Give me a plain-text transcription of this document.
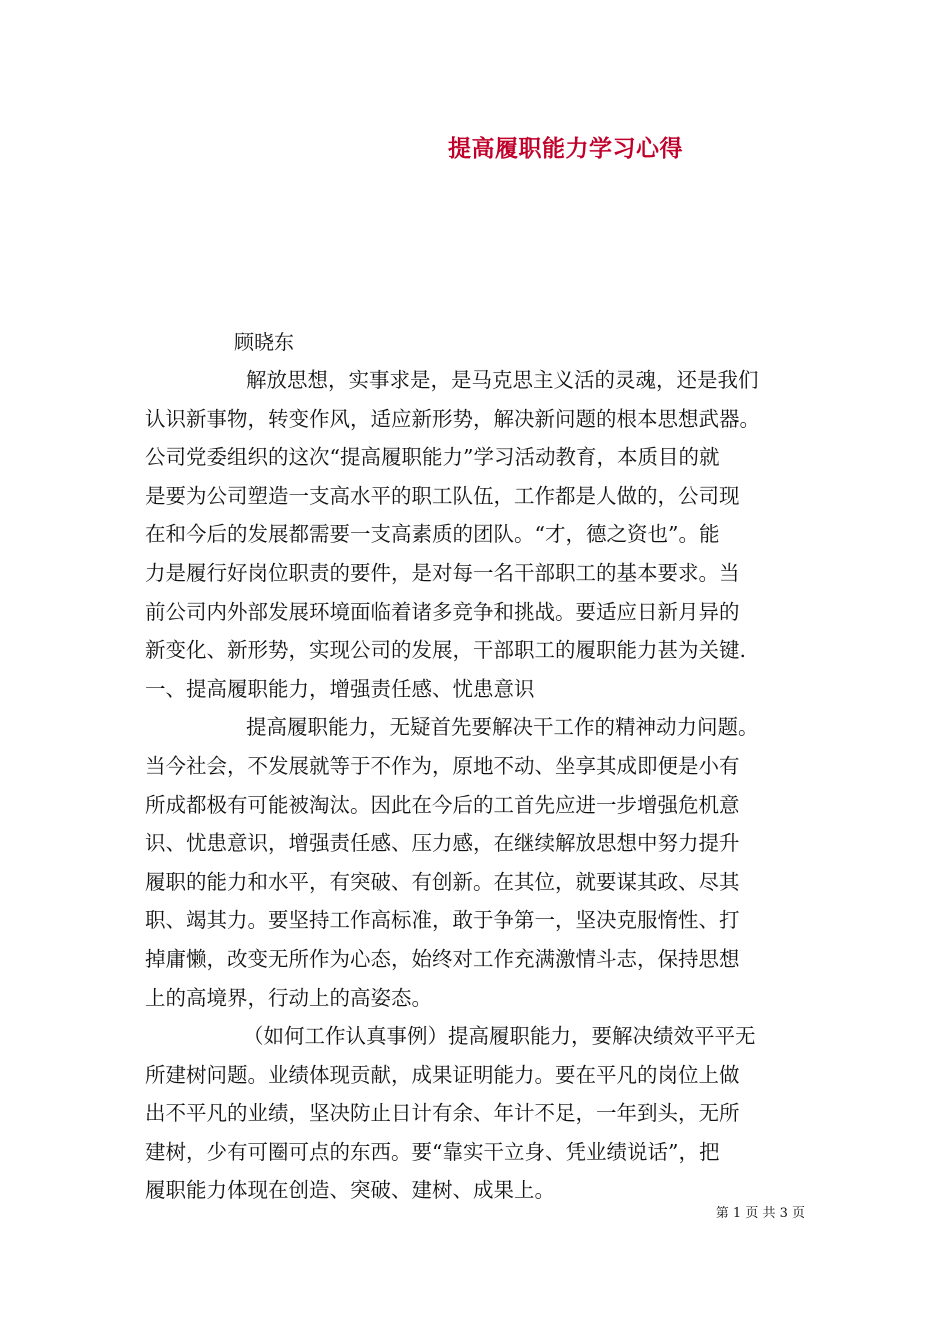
提高履职能力学习心得
顾晓东
解放思想，实事求是，是马克思主义活的灵魂，还是我们
认识新事物，转变作风，适应新形势，解决新问题的根本思想武器。
公司党委组织的这次“提高履职能力”学习活动教育，本质目的就
是要为公司塑造一支高水平的职工队伍，工作都是人做的，公司现
在和今后的发展都需要一支高素质的团队。“才，德之资也”。能
力是履行好岗位职责的要件，是对每一名干部职工的基本要求。当
前公司内外部发展环境面临着诸多竞争和挑战。要适应日新月异的
新变化、新形势，实现公司的发展，干部职工的履职能力甚为关键.
一、提高履职能力，增强责任感、忧患意识
提高履职能力，无疑首先要解决干工作的精神动力问题。
当今社会，不发展就等于不作为，原地不动、坐享其成即便是小有
所成都极有可能被淘汰。因此在今后的工首先应进一步增强危机意
识、忧患意识，增强责任感、压力感，在继续解放思想中努力提升
履职的能力和水平，有突破、有创新。在其位，就要谋其政、尽其
职、竭其力。要坚持工作高标准，敢于争第一，坚决克服惰性、打
掉庸懒，改变无所作为心态，始终对工作充满激情斗志，保持思想
上的高境界，行动上的高姿态。
（如何工作认真事例）提高履职能力，要解决绩效平平无
所建树问题。业绩体现贡献，成果证明能力。要在平凡的岗位上做
出不平凡的业绩，坚决防止日计有余、年计不足，一年到头，无所
建树，少有可圈可点的东西。要“靠实干立身、凭业绩说话”，把
履职能力体现在创造、突破、建树、成果上。
第 1 页 共 3 页
